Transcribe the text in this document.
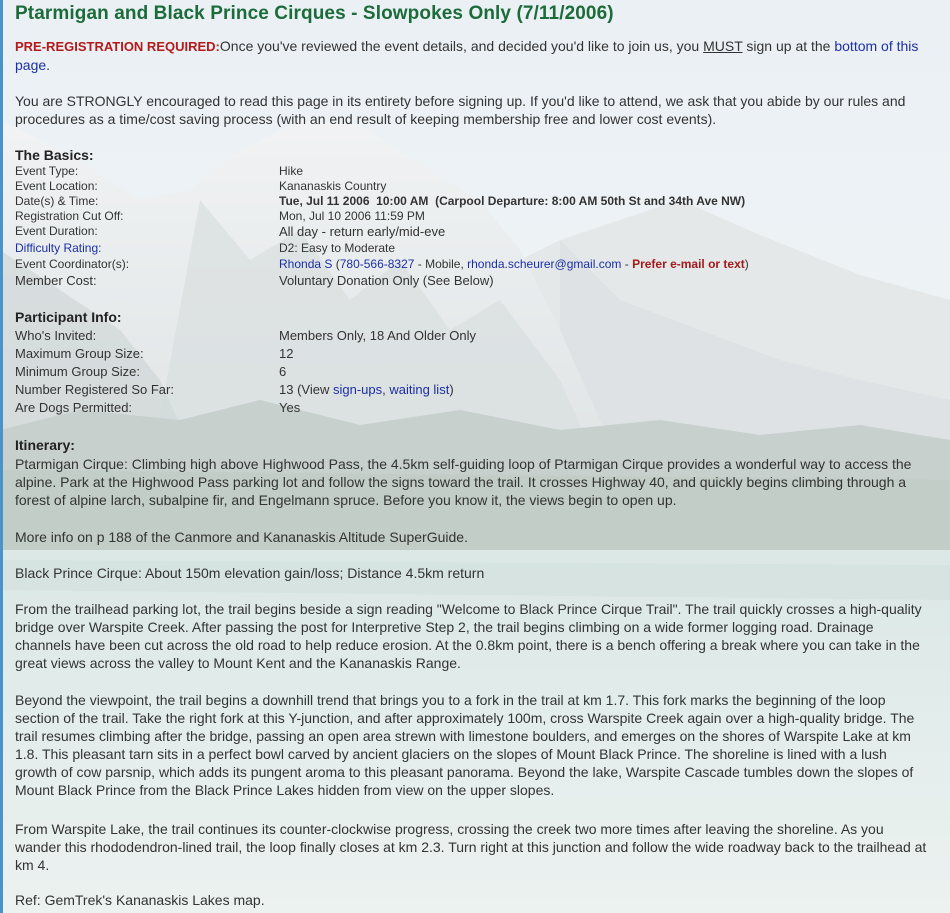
Ptarmigan and Black Prince Cirques - Slowpokes Only (7/11/2006)

PRE-REGISTRATION REQUIRED:Once you've reviewed the event details, and decided you'd like to join us, you MUST sign up at the bottom of this page.

You are STRONGLY encouraged to read this page in its entirety before signing up. If you'd like to attend, we ask that you abide by our rules and procedures as a time/cost saving process (with an end result of keeping membership free and lower cost events).

The Basics:
Event Type:	Hike
Event Location:	Kananaskis Country
Date(s) & Time:	Tue, Jul 11 2006  10:00 AM  (Carpool Departure: 8:00 AM 50th St and 34th Ave NW)
Registration Cut Off:	Mon, Jul 10 2006 11:59 PM
Event Duration:	All day - return early/mid-eve
Difficulty Rating:	D2: Easy to Moderate
Event Coordinator(s):	Rhonda S (780-566-8327 - Mobile, rhonda.scheurer@gmail.com - Prefer e-mail or text)
Member Cost:	Voluntary Donation Only (See Below)
Participant Info:
Who's Invited:	Members Only, 18 And Older Only
Maximum Group Size:	12
Minimum Group Size:	6
Number Registered So Far:	13 (View sign-ups, waiting list)
Are Dogs Permitted:	Yes
Itinerary:

Ptarmigan Cirque: Climbing high above Highwood Pass, the 4.5km self-guiding loop of Ptarmigan Cirque provides a wonderful way to access the alpine. Park at the Highwood Pass parking lot and follow the signs toward the trail. It crosses Highway 40, and quickly begins climbing through a forest of alpine larch, subalpine fir, and Engelmann spruce. Before you know it, the views begin to open up.

More info on p 188 of the Canmore and Kananaskis Altitude SuperGuide.

Black Prince Cirque: About 150m elevation gain/loss; Distance 4.5km return

From the trailhead parking lot, the trail begins beside a sign reading "Welcome to Black Prince Cirque Trail". The trail quickly crosses a high-quality bridge over Warspite Creek. After passing the post for Interpretive Step 2, the trail begins climbing on a wide former logging road. Drainage channels have been cut across the old road to help reduce erosion. At the 0.8km point, there is a bench offering a break where you can take in the great views across the valley to Mount Kent and the Kananaskis Range.

Beyond the viewpoint, the trail begins a downhill trend that brings you to a fork in the trail at km 1.7. This fork marks the beginning of the loop section of the trail. Take the right fork at this Y-junction, and after approximately 100m, cross Warspite Creek again over a high-quality bridge. The trail resumes climbing after the bridge, passing an open area strewn with limestone boulders, and emerges on the shores of Warspite Lake at km 1.8. This pleasant tarn sits in a perfect bowl carved by ancient glaciers on the slopes of Mount Black Prince. The shoreline is lined with a lush growth of cow parsnip, which adds its pungent aroma to this pleasant panorama. Beyond the lake, Warspite Cascade tumbles down the slopes of Mount Black Prince from the Black Prince Lakes hidden from view on the upper slopes.

From Warspite Lake, the trail continues its counter-clockwise progress, crossing the creek two more times after leaving the shoreline. As you wander this rhododendron-lined trail, the loop finally closes at km 2.3. Turn right at this junction and follow the wide roadway back to the trailhead at km 4.

Ref: GemTrek's Kananaskis Lakes map.
